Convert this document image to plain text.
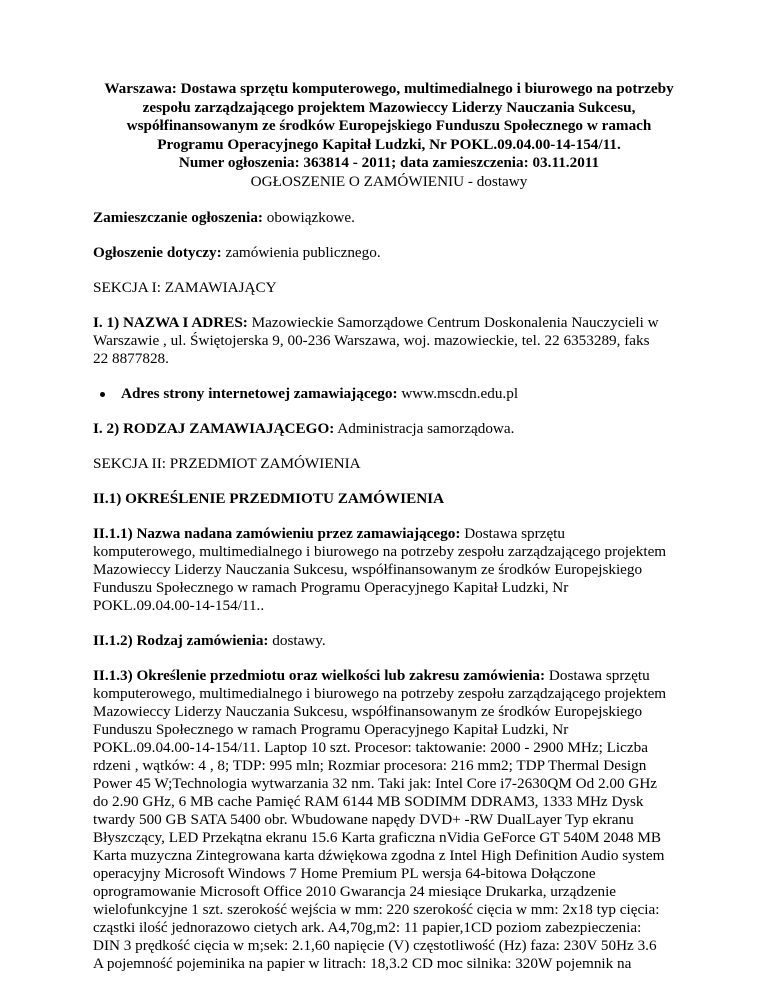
Warszawa: Dostawa sprzętu komputerowego, multimedialnego i biurowego na potrzeby
zespołu zarządzającego projektem Mazowieccy Liderzy Nauczania Sukcesu,
współfinansowanym ze środków Europejskiego Funduszu Społecznego w ramach
Programu Operacyjnego Kapitał Ludzki, Nr POKL.09.04.00-14-154/11.
Numer ogłoszenia: 363814 - 2011; data zamieszczenia: 03.11.2011
OGŁOSZENIE O ZAMÓWIENIU - dostawy

Zamieszczanie ogłoszenia: obowiązkowe.

Ogłoszenie dotyczy: zamówienia publicznego.

SEKCJA I: ZAMAWIAJĄCY

I. 1) NAZWA I ADRES: Mazowieckie Samorządowe Centrum Doskonalenia Nauczycieli w
Warszawie , ul. Świętojerska 9, 00-236 Warszawa, woj. mazowieckie, tel. 22 6353289, faks
22 8877828.

Adres strony internetowej zamawiającego: www.mscdn.edu.pl

I. 2) RODZAJ ZAMAWIAJĄCEGO: Administracja samorządowa.

SEKCJA II: PRZEDMIOT ZAMÓWIENIA

II.1) OKREŚLENIE PRZEDMIOTU ZAMÓWIENIA

II.1.1) Nazwa nadana zamówieniu przez zamawiającego: Dostawa sprzętu
komputerowego, multimedialnego i biurowego na potrzeby zespołu zarządzającego projektem
Mazowieccy Liderzy Nauczania Sukcesu, współfinansowanym ze środków Europejskiego
Funduszu Społecznego w ramach Programu Operacyjnego Kapitał Ludzki, Nr
POKL.09.04.00-14-154/11..

II.1.2) Rodzaj zamówienia: dostawy.

II.1.3) Określenie przedmiotu oraz wielkości lub zakresu zamówienia: Dostawa sprzętu
komputerowego, multimedialnego i biurowego na potrzeby zespołu zarządzającego projektem
Mazowieccy Liderzy Nauczania Sukcesu, współfinansowanym ze środków Europejskiego
Funduszu Społecznego w ramach Programu Operacyjnego Kapitał Ludzki, Nr
POKL.09.04.00-14-154/11. Laptop 10 szt. Procesor: taktowanie: 2000 - 2900 MHz; Liczba
rdzeni , wątków: 4 , 8; TDP: 995 mln; Rozmiar procesora: 216 mm2; TDP Thermal Design
Power 45 W;Technologia wytwarzania 32 nm. Taki jak: Intel Core i7-2630QM Od 2.00 GHz
do 2.90 GHz, 6 MB cache Pamięć RAM 6144 MB SODIMM DDRAM3, 1333 MHz Dysk
twardy 500 GB SATA 5400 obr. Wbudowane napędy DVD+ -RW DualLayer Typ ekranu
Błyszczący, LED Przekątna ekranu 15.6 Karta graficzna nVidia GeForce GT 540M 2048 MB
Karta muzyczna Zintegrowana karta dźwiękowa zgodna z Intel High Definition Audio system
operacyjny Microsoft Windows 7 Home Premium PL wersja 64-bitowa Dołączone
oprogramowanie Microsoft Office 2010 Gwarancja 24 miesiące Drukarka, urządzenie
wielofunkcyjne 1 szt. szerokość wejścia w mm: 220 szerokość cięcia w mm: 2x18 typ cięcia:
cząstki ilość jednorazowo cietych ark. A4,70g,m2: 11 papier,1CD poziom zabezpieczenia:
DIN 3 prędkość cięcia w m;sek: 2.1,60 napięcie (V) częstotliwość (Hz) faza: 230V 50Hz 3.6
A pojemność pojeminika na papier w litrach: 18,3.2 CD moc silnika: 320W pojemnik na
